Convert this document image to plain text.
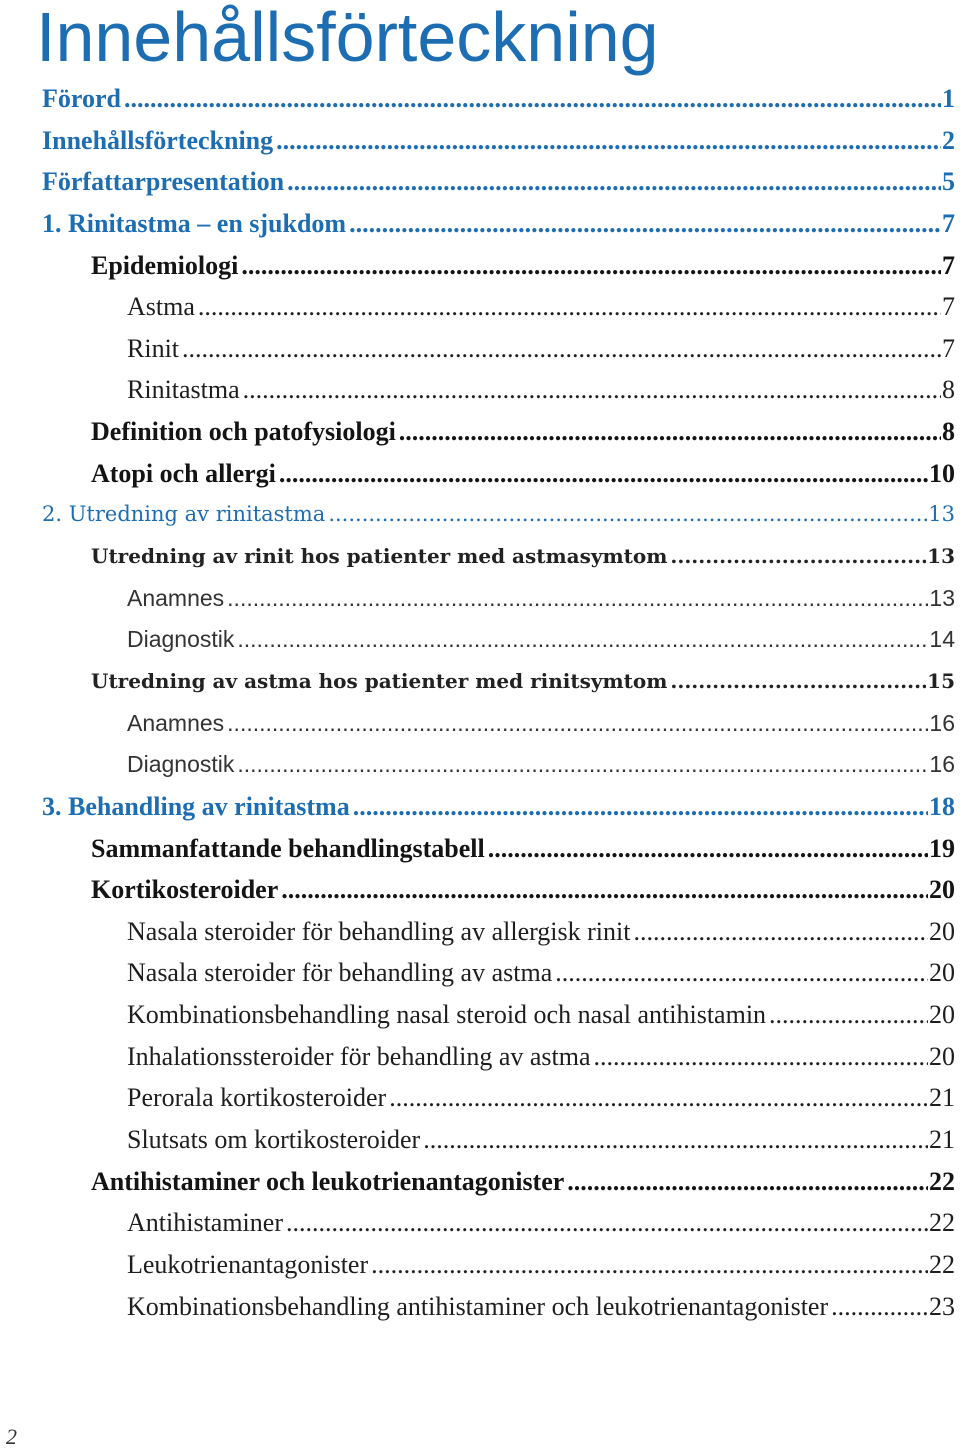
Innehållsförteckning
Förord .....	1
Innehållsförteckning .....	2
Författarpresentation .....	5
1. Rinitastma – en sjukdom .....	7
Epidemiologi .....	7
Astma .....	7
Rinit .....	7
Rinitastma .....	8
Definition och patofysiologi .....	8
Atopi och allergi .....	10
2. Utredning av rinitastma .....	13
Utredning av rinit hos patienter med astmasymtom .....	13
Anamnes .....	13
Diagnostik .....	14
Utredning av astma hos patienter med rinitsymtom .....	15
Anamnes .....	16
Diagnostik .....	16
3. Behandling av rinitastma .....	18
Sammanfattande behandlingstabell .....	19
Kortikosteroider .....	20
Nasala steroider för behandling av allergisk rinit .....	20
Nasala steroider för behandling av astma .....	20
Kombinationsbehandling nasal steroid och nasal antihistamin .....	20
Inhalationssteroider för behandling av astma .....	20
Perorala kortikosteroider .....	21
Slutsats om kortikosteroider .....	21
Antihistaminer och leukotrienantagonister .....	22
Antihistaminer .....	22
Leukotrienantagonister .....	22
Kombinationsbehandling antihistaminer och leukotrienantagonister .....	23
2
